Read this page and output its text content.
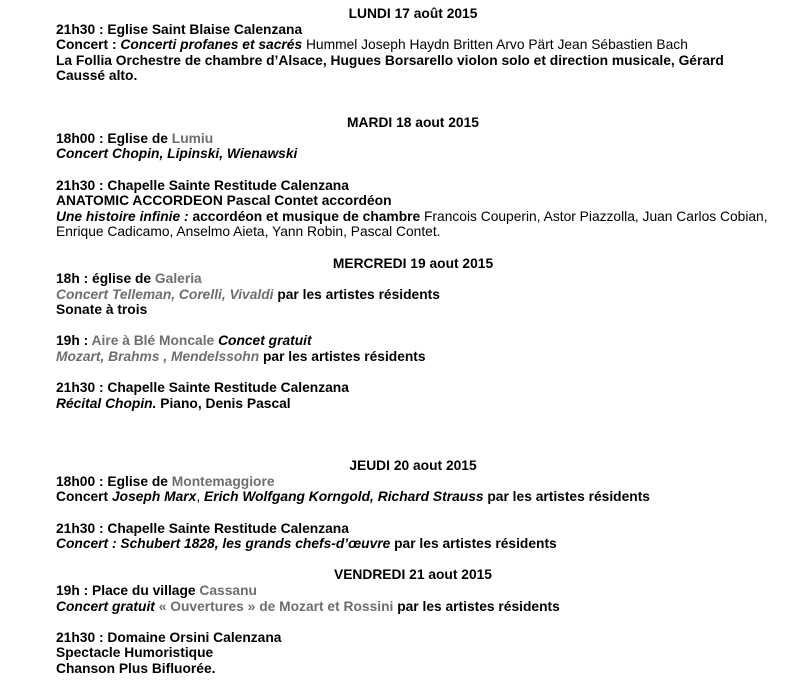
LUNDI 17 août 2015
21h30 : Eglise Saint Blaise Calenzana
Concert : Concerti profanes et sacrés Hummel Joseph Haydn Britten Arvo Pärt Jean Sébastien Bach
La Follia Orchestre de chambre d’Alsace, Hugues Borsarello violon solo et direction musicale, Gérard Caussé alto.
MARDI 18 aout 2015
18h00 : Eglise de Lumiu
Concert Chopin, Lipinski, Wienawski
21h30 : Chapelle Sainte Restitude Calenzana
ANATOMIC ACCORDEON Pascal Contet accordéon
Une histoire infinie : accordéon et musique de chambre Francois Couperin, Astor Piazzolla, Juan Carlos Cobian, Enrique Cadicamo, Anselmo Aieta, Yann Robin, Pascal Contet.
MERCREDI 19 aout 2015
18h : église de Galeria
Concert Telleman, Corelli, Vivaldi par les artistes résidents
Sonate à trois
19h : Aire à Blé Moncale Concet gratuit
Mozart, Brahms , Mendelssohn par les artistes résidents
21h30 : Chapelle Sainte Restitude Calenzana
Récital Chopin. Piano, Denis Pascal
JEUDI 20 aout 2015
18h00 : Eglise de Montemaggiore
Concert Joseph Marx, Erich Wolfgang Korngold, Richard Strauss par les artistes résidents
21h30 : Chapelle Sainte Restitude Calenzana
Concert : Schubert 1828, les grands chefs-d’œuvre par les artistes résidents
VENDREDI 21 aout 2015
19h : Place du village Cassanu
Concert gratuit « Ouvertures » de Mozart et Rossini par les artistes résidents
21h30 : Domaine Orsini Calenzana
Spectacle Humoristique
Chanson Plus Bifluorée.
